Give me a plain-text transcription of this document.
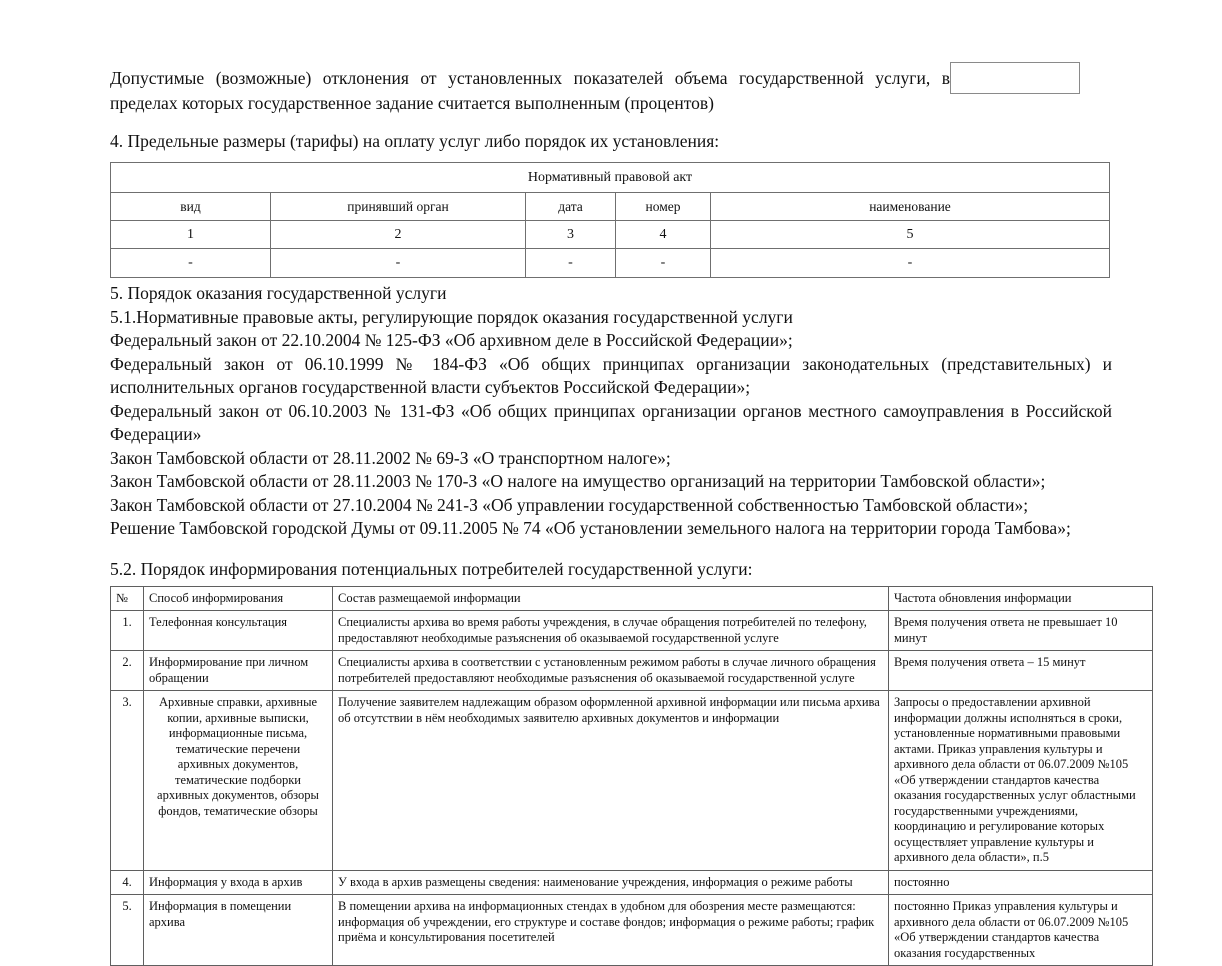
Допустимые (возможные) отклонения от установленных показателей объема государственной услуги, в
пределах которых государственное задание считается выполненным (процентов)
4. Предельные размеры (тарифы) на оплату услуг либо порядок их установления:
Нормативный правовой акт				
вид	принявший орган	дата	номер	наименование
1	2	3	4	5
-	-	-	-	-

5. Порядок оказания государственной услуги

5.1.Нормативные правовые акты, регулирующие порядок оказания государственной услуги

Федеральный закон от 22.10.2004 № 125-ФЗ «Об архивном деле в Российской Федерации»;

Федеральный закон от 06.10.1999 № 184-ФЗ «Об общих принципах организации законодательных (представительных) и исполнительных органов государственной власти субъектов Российской Федерации»;

Федеральный закон от 06.10.2003 № 131-ФЗ «Об общих принципах организации органов местного самоуправления в Российской Федерации»

Закон Тамбовской области от 28.11.2002 № 69-З «О транспортном налоге»;

Закон Тамбовской области от 28.11.2003 № 170-З «О налоге на имущество организаций на территории Тамбовской области»;

Закон Тамбовской области от 27.10.2004 № 241-З «Об управлении государственной собственностью Тамбовской области»;

Решение Тамбовской городской Думы от 09.11.2005 № 74 «Об установлении земельного налога на территории города Тамбова»;

5.2. Порядок информирования потенциальных потребителей государственной услуги:
№	Способ информирования	Состав размещаемой информации	Частота обновления информации
1.	Телефонная консультация	Специалисты архива во время работы учреждения, в случае обращения потребителей по телефону, предоставляют необходимые разъяснения об оказываемой государственной услуге	Время получения ответа не превышает 10 минут
2.	Информирование при личном обращении	Специалисты архива в соответствии с установленным режимом работы в случае личного обращения потребителей предоставляют необходимые разъяснения об оказываемой государственной услуге	Время получения ответа – 15 минут
3.	Архивные справки, архивные копии, архивные выписки, информационные письма, тематические перечени архивных документов, тематические подборки архивных документов, обзоры фондов, тематические обзоры	Получение заявителем надлежащим образом оформленной архивной информации или письма архива об отсутствии в нём необходимых заявителю архивных документов и информации	Запросы о предоставлении архивной информации должны исполняться в сроки, установленные нормативными правовыми актами. Приказ управления культуры и архивного дела области от 06.07.2009 №105 «Об утверждении стандартов качества оказания государственных услуг областными государственными учреждениями, координацию и регулирование которых осуществляет управление культуры и архивного дела области», п.5
4.	Информация у входа в архив	У входа в архив размещены сведения: наименование учреждения, информация о режиме работы	постоянно
5.	Информация в помещении архива	В помещении архива на информационных стендах в удобном для обозрения месте размещаются: информация об учреждении, его структуре и составе фондов; информация о режиме работы; график приёма и консультирования посетителей	постоянно Приказ управления культуры и архивного дела области от 06.07.2009 №105 «Об утверждении стандартов качества оказания государственных
